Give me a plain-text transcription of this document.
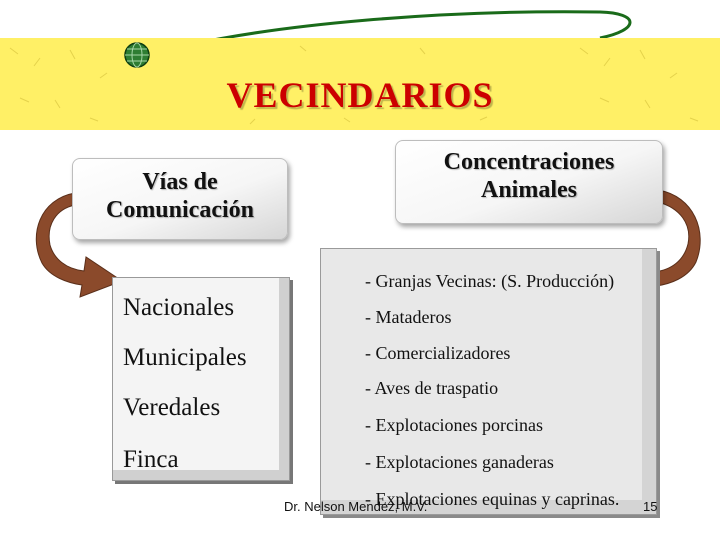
VECINDARIOS
Vías de
Comunicación
Concentraciones
Animales
- Granjas Vecinas: (S. Producción)
- Mataderos
- Comercializadores
- Aves de traspatio
- Explotaciones porcinas
- Explotaciones ganaderas
- Explotaciones equinas y caprinas.
Nacionales
Municipales
Veredales
Finca
Dr. Nelson Mendez, M.V.	15
